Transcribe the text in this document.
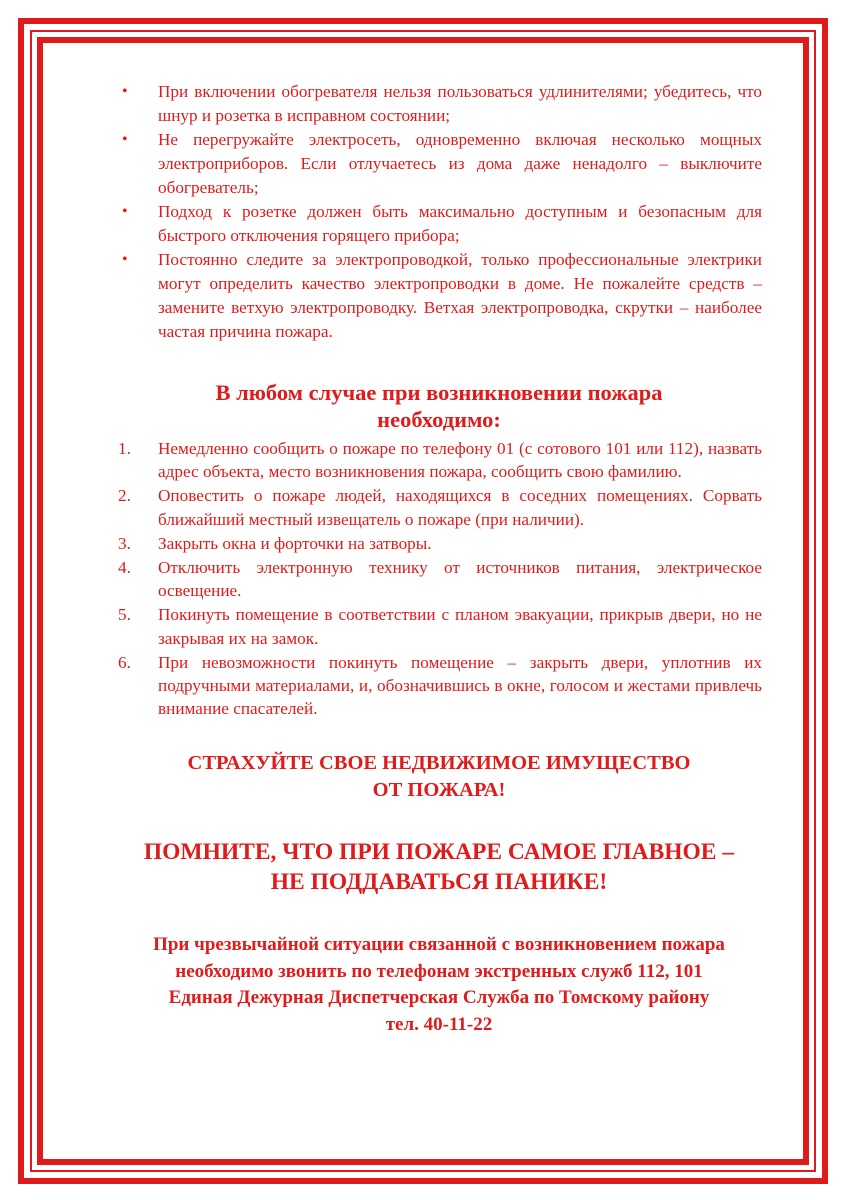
• При включении обогревателя нельзя пользоваться удлинителями; убедитесь, что шнур и розетка в исправном состоянии;
• Не перегружайте электросеть, одновременно включая несколько мощных электроприборов. Если отлучаетесь из дома даже ненадолго – выключите обогреватель;
• Подход к розетке должен быть максимально доступным и безопасным для быстрого отключения горящего прибора;
• Постоянно следите за электропроводкой, только профессиональные электрики могут определить качество электропроводки в доме. Не пожалейте средств – замените ветхую электропроводку. Ветхая электропроводка, скрутки – наиболее частая причина пожара.
В любом случае при возникновении пожара
необходимо:
1. Немедленно сообщить о пожаре по телефону 01 (с сотового 101 или 112), назвать адрес объекта, место возникновения пожара, сообщить свою фамилию.
2. Оповестить о пожаре людей, находящихся в соседних помещениях. Сорвать ближайший местный извещатель о пожаре (при наличии).
3. Закрыть окна и форточки на затворы.
4. Отключить электронную технику от источников питания, электрическое освещение.
5. Покинуть помещение в соответствии с планом эвакуации, прикрыв двери, но не закрывая их на замок.
6. При невозможности покинуть помещение – закрыть двери, уплотнив их подручными материалами, и, обозначившись в окне, голосом и жестами привлечь внимание спасателей.
СТРАХУЙТЕ СВОЕ НЕДВИЖИМОЕ ИМУЩЕСТВО
ОТ ПОЖАРА!
ПОМНИТЕ, ЧТО ПРИ ПОЖАРЕ САМОЕ ГЛАВНОЕ –
НЕ ПОДДАВАТЬСЯ ПАНИКЕ!
При чрезвычайной ситуации связанной с возникновением пожара
необходимо звонить по телефонам экстренных служб 112, 101
Единая Дежурная Диспетчерская Служба по Томскому району
тел. 40-11-22
